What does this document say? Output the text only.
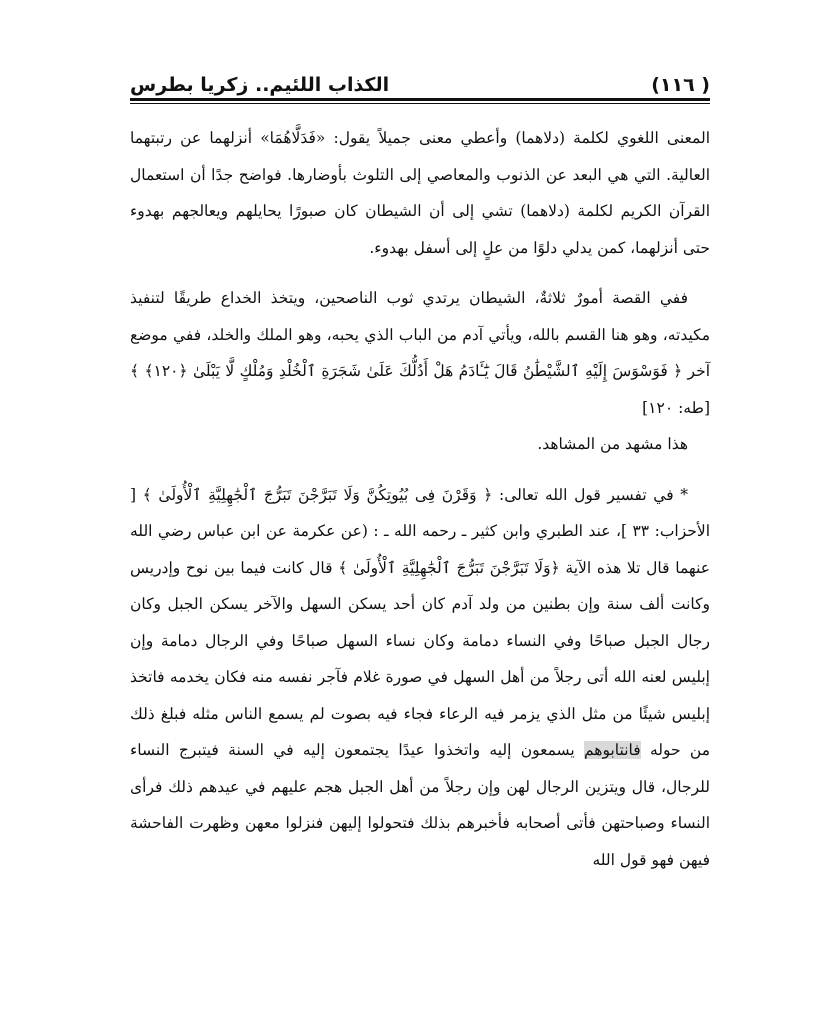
( ١١٦)
الكذاب اللئيم.. زكريا بطرس

المعنى اللغوي لكلمة (دلاهما) وأعطي معنى جميلاً يقول: «فَدَلَّاهُمَا» أنزلهما عن رتبتهما العالية. التي هي البعد عن الذنوب والمعاصي إلى التلوث بأوضارها. فواضح جدًا أن استعمال القرآن الكريم لكلمة (دلاهما) تشي إلى أن الشيطان كان صبورًا يحايلهم ويعالجهم بهدوء حتى أنزلهما، كمن يدلي دلوًا من علٍ إلى أسفل بهدوء.

ففي القصة أمورٌ ثلاثةٌ، الشيطان يرتدي ثوب الناصحين، ويتخذ الخداع طريقًا لتنفيذ مكيدته، وهو هنا القسم بالله، ويأتي آدم من الباب الذي يحبه، وهو الملك والخلد، ففي موضع آخر ﴿ فَوَسْوَسَ إِلَيْهِ ٱلشَّيْطَٰنُ قَالَ يَٰٓـَٔادَمُ هَلْ أَدُلُّكَ عَلَىٰ شَجَرَةِ ٱلْخُلْدِ وَمُلْكٍ لَّا يَبْلَىٰ ﴿١٢٠﴾ ﴾ [طه: ١٢٠]

هذا مشهد من المشاهد.

* في تفسير قول الله تعالى: ﴿ وَقَرْنَ فِى بُيُوتِكُنَّ وَلَا تَبَرَّجْنَ تَبَرُّجَ ٱلْجَٰهِلِيَّةِ ٱلْأُولَىٰ ﴾ [ الأحزاب: ٣٣ ]، عند الطبري وابن كثير ـ رحمه الله ـ : (عن عكرمة عن ابن عباس رضي الله عنهما قال تلا هذه الآية ﴿وَلَا تَبَرَّجْنَ تَبَرُّجَ ٱلْجَٰهِلِيَّةِ ٱلْأُولَىٰ ﴾ قال كانت فيما بين نوح وإدريس وكانت ألف سنة وإن بطنين من ولد آدم كان أحد يسكن السهل والآخر يسكن الجبل وكان رجال الجبل صباحًا وفي النساء دمامة وكان نساء السهل صباحًا وفي الرجال دمامة وإن إبليس لعنه الله أتى رجلاً من أهل السهل في صورة غلام فآجر نفسه منه فكان يخدمه فاتخذ إبليس شيئًا من مثل الذي يزمر فيه الرعاء فجاء فيه بصوت لم يسمع الناس مثله فبلغ ذلك من حوله فانتابوهم يسمعون إليه واتخذوا عيدًا يجتمعون إليه في السنة فيتبرج النساء للرجال، قال ويتزين الرجال لهن وإن رجلاً من أهل الجبل هجم عليهم في عيدهم ذلك فرأى النساء وصباحتهن فأتى أصحابه فأخبرهم بذلك فتحولوا إليهن فنزلوا معهن وظهرت الفاحشة فيهن فهو قول الله
